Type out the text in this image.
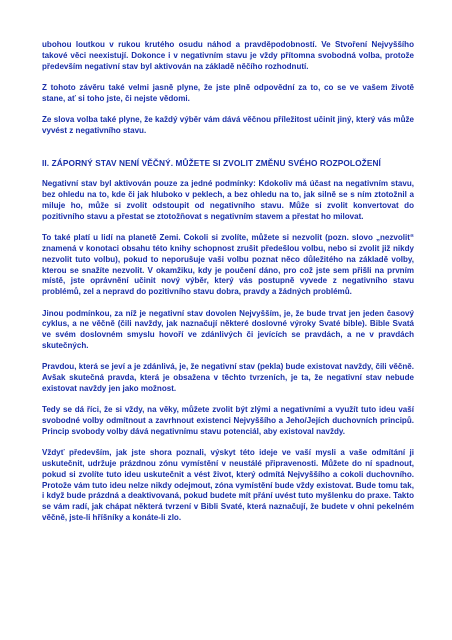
ubohou loutkou v rukou krutého osudu náhod a pravděpodobností. Ve Stvoření Nejvyššího takové věci neexistují. Dokonce i v negativním stavu je vždy přítomna svobodná volba, protože především negativní stav byl aktivován na základě něčího rozhodnutí.

Z tohoto závěru také velmi jasně plyne, že jste plně odpovědní za to, co se ve vašem životě stane, ať si toho jste, či nejste vědomi.

Ze slova volba také plyne, že každý výběr vám dává věčnou příležitost učinit jiný, který vás může vyvést z negativního stavu.

II. ZÁPORNÝ STAV NENÍ VĚČNÝ. MŮŽETE SI ZVOLIT ZMĚNU SVÉHO ROZPOLOŽENÍ

Negativní stav byl aktivován pouze za jedné podmínky: Kdokoliv má účast na negativním stavu, bez ohledu na to, kde či jak hluboko v peklech, a bez ohledu na to, jak silně se s ním ztotožnil a miluje ho, může si zvolit odstoupit od negativního stavu. Může si zvolit konvertovat do pozitivního stavu a přestat se ztotožňovat s negativním stavem a přestat ho milovat.

To také platí u lidí na planetě Zemi. Cokoli si zvolíte, můžete si nezvolit (pozn. slovo „nezvolit“ znamená v konotaci obsahu této knihy schopnost zrušit předešlou volbu, nebo si zvolit již nikdy nezvolit tuto volbu), pokud to neporušuje vaši volbu poznat něco důležitého na základě volby, kterou se snažíte nezvolit. V okamžiku, kdy je poučení dáno, pro což jste sem přišli na prvním místě, jste oprávnění učinit nový výběr, který vás postupně vyvede z negativního stavu problémů, zel a nepravd do pozitivního stavu dobra, pravdy a žádných problémů.

Jinou podmínkou, za níž je negativní stav dovolen Nejvyšším, je, že bude trvat jen jeden časový cyklus, a ne věčně (čili navždy, jak naznačují některé doslovné výroky Svaté bible). Bible Svatá ve svém doslovném smyslu hovoří ve zdánlivých či jevících se pravdách, a ne v pravdách skutečných.

Pravdou, která se jeví a je zdánlivá, je, že negativní stav (pekla) bude existovat navždy, čili věčně. Avšak skutečná pravda, která je obsažena v těchto tvrzeních, je ta, že negativní stav nebude existovat navždy jen jako možnost.

Tedy se dá říci, že si vždy, na věky, můžete zvolit být zlými a negativními a využít tuto ideu vaší svobodné volby odmítnout a zavrhnout existenci Nejvyššího a Jeho/Jejích duchovních principů. Princip svobody volby dává negativnímu stavu potenciál, aby existoval navždy.

Vždyť především, jak jste shora poznali, výskyt této ideje ve vaší mysli a vaše odmítání ji uskutečnit, udržuje prázdnou zónu vymístění v neustálé připravenosti. Můžete do ní spadnout, pokud si zvolíte tuto ideu uskutečnit a vést život, který odmítá Nejvyššího a cokoli duchovního. Protože vám tuto ideu nelze nikdy odejmout, zóna vymístění bude vždy existovat. Bude tomu tak, i když bude prázdná a deaktivovaná, pokud budete mít přání uvést tuto myšlenku do praxe. Takto se vám radí, jak chápat některá tvrzení v Bibli Svaté, která naznačují, že budete v ohni pekelném věčně, jste-li hříšníky a konáte-li zlo.
